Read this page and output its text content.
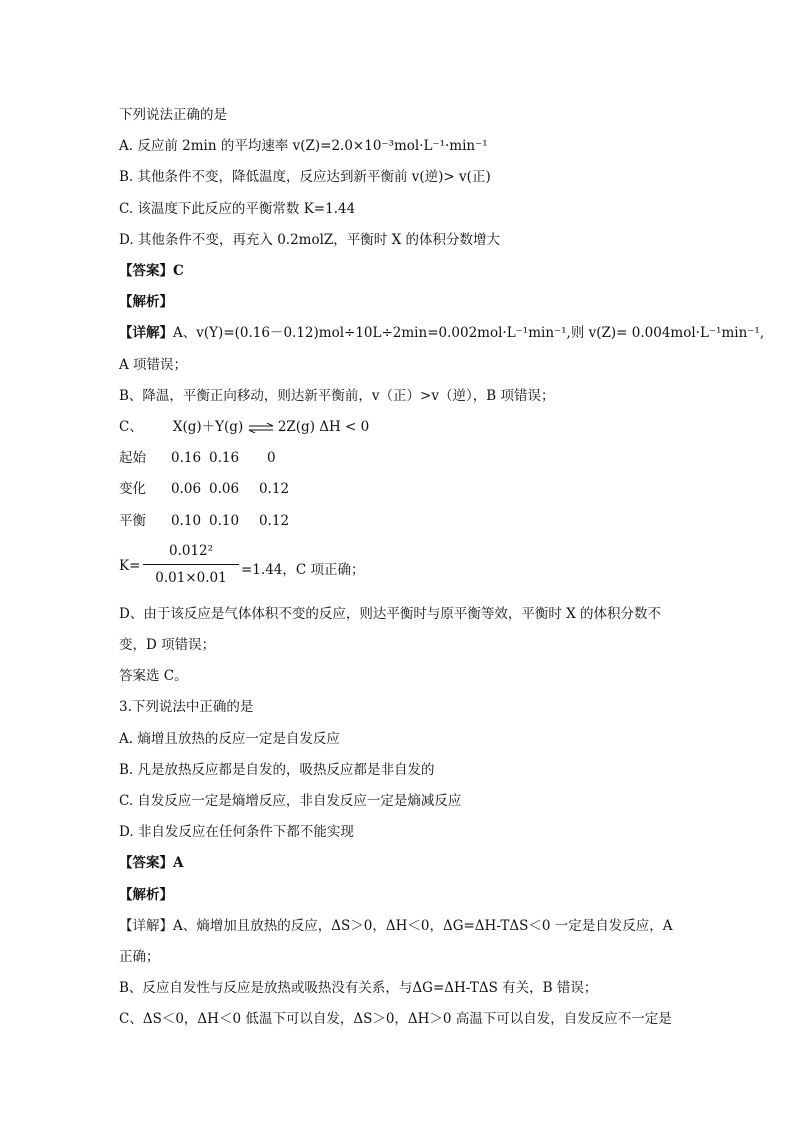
下列说法正确的是
A. 反应前 2min 的平均速率 v(Z)=2.0×10⁻³mol·L⁻¹·min⁻¹
B. 其他条件不变，降低温度，反应达到新平衡前 v(逆)> v(正)
C. 该温度下此反应的平衡常数 K=1.44
D. 其他条件不变，再充入 0.2molZ，平衡时 X 的体积分数增大
【答案】C
【解析】
【详解】A、v(Y)=(0.16－0.12)mol÷10L÷2min=0.002mol·L⁻¹min⁻¹,则 v(Z)= 0.004mol·L⁻¹min⁻¹,
A 项错误；
B、降温，平衡正向移动，则达新平衡前，v（正）>v（逆），B 项错误；
C、 X(g)＋Y(g) ⇌ 2Z(g) ΔH < 0
起始	0.16 0.16	0
变化	0.06 0.06	0.12
平衡	0.10 0.10	0.12
K=
0.012²
0.01×0.01	=1.44，C 项正确；
D、由于该反应是气体体积不变的反应，则达平衡时与原平衡等效，平衡时 X 的体积分数不
变，D 项错误；
答案选 C。
3.下列说法中正确的是
A. 熵增且放热的反应一定是自发反应
B. 凡是放热反应都是自发的，吸热反应都是非自发的
C. 自发反应一定是熵增反应，非自发反应一定是熵减反应
D. 非自发反应在任何条件下都不能实现
【答案】A
【解析】
【详解】A、熵增加且放热的反应，ΔS＞0，ΔH＜0，ΔG=ΔH-TΔS＜0 一定是自发反应，A
正确；
B、反应自发性与反应是放热或吸热没有关系，与ΔG=ΔH-TΔS 有关，B 错误；
C、ΔS＜0，ΔH＜0 低温下可以自发，ΔS＞0，ΔH＞0 高温下可以自发，自发反应不一定是
